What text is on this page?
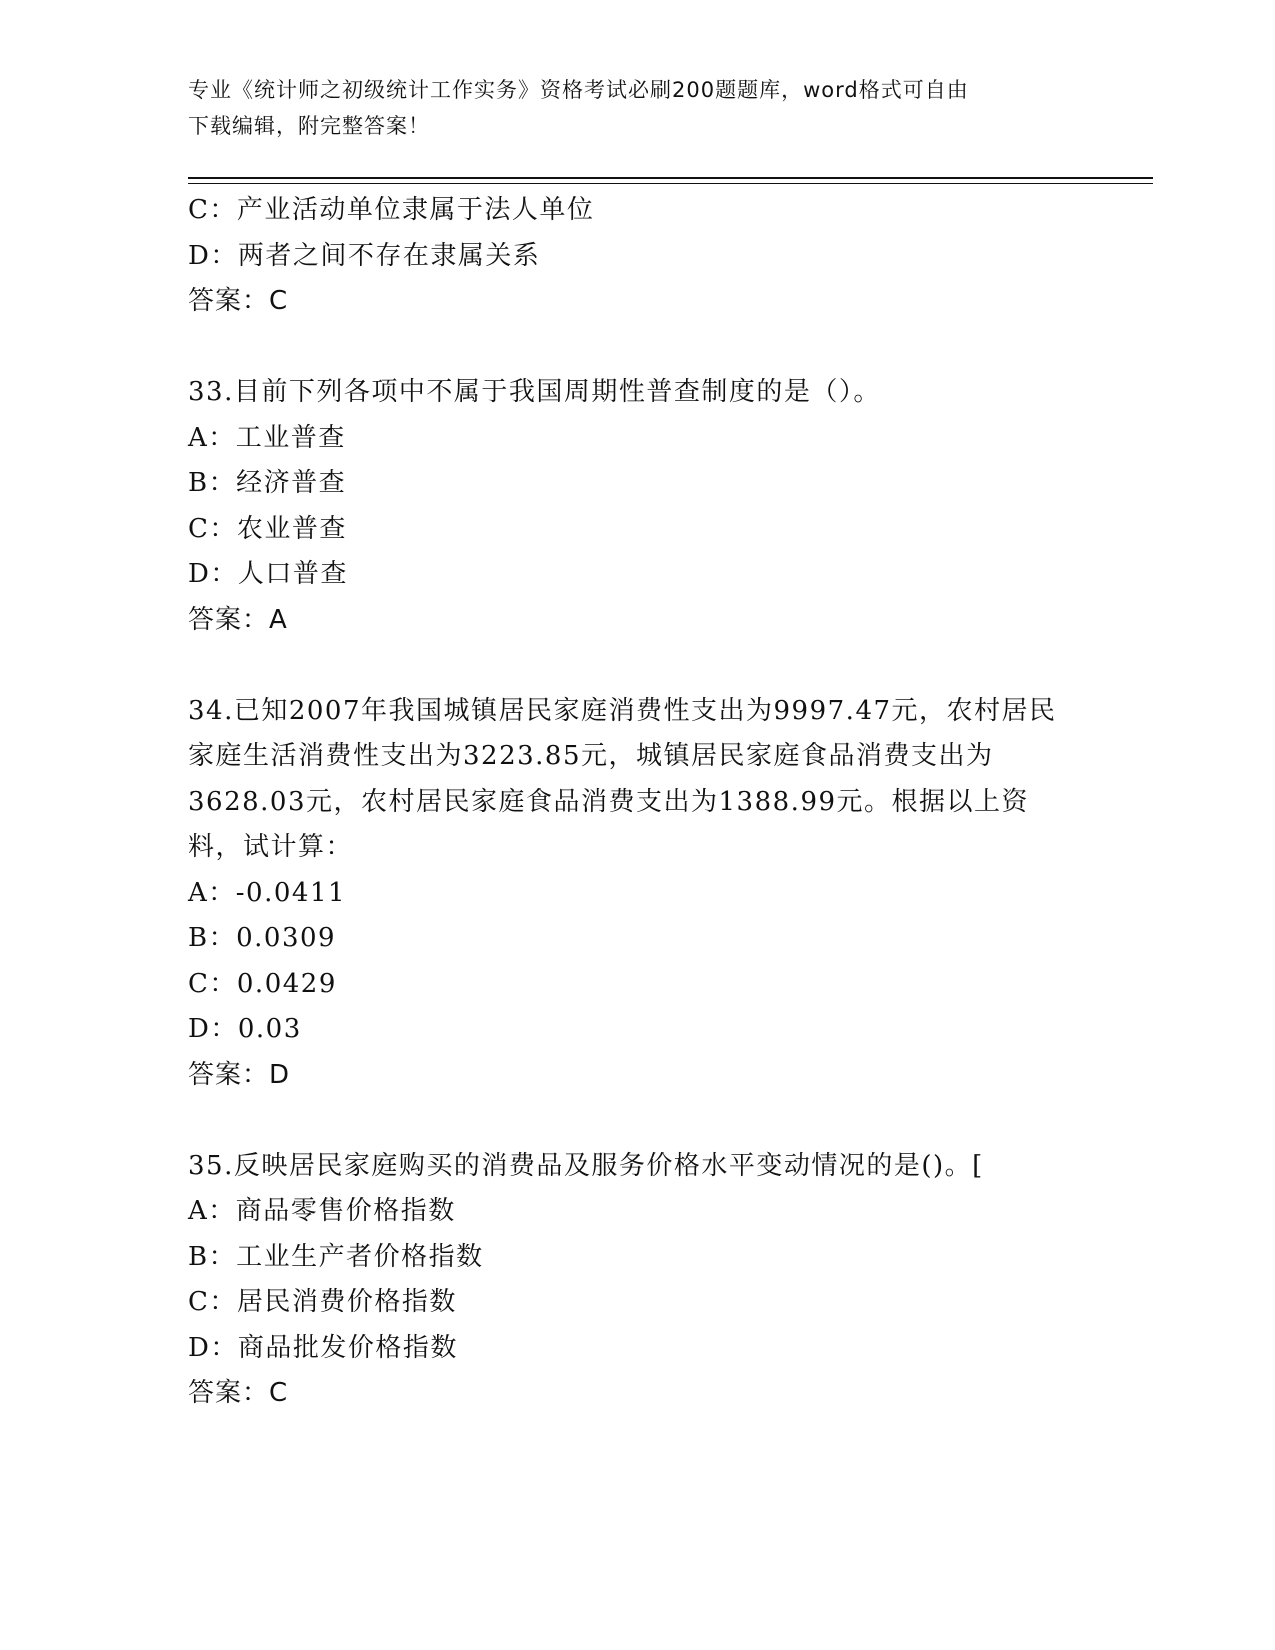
专业《统计师之初级统计工作实务》资格考试必刷200题题库，word格式可自由
下载编辑，附完整答案！
C：产业活动单位隶属于法人单位
D：两者之间不存在隶属关系
答案：C
33.目前下列各项中不属于我国周期性普查制度的是（）。
A：工业普查
B：经济普查
C：农业普查
D：人口普查
答案：A
34.已知2007年我国城镇居民家庭消费性支出为9997.47元，农村居民家庭生活消费性支出为3223.85元，城镇居民家庭食品消费支出为3628.03元，农村居民家庭食品消费支出为1388.99元。根据以上资料，试计算：
A：-0.0411
B：0.0309
C：0.0429
D：0.03
答案：D
35.反映居民家庭购买的消费品及服务价格水平变动情况的是()。[
A：商品零售价格指数
B：工业生产者价格指数
C：居民消费价格指数
D：商品批发价格指数
答案：C
